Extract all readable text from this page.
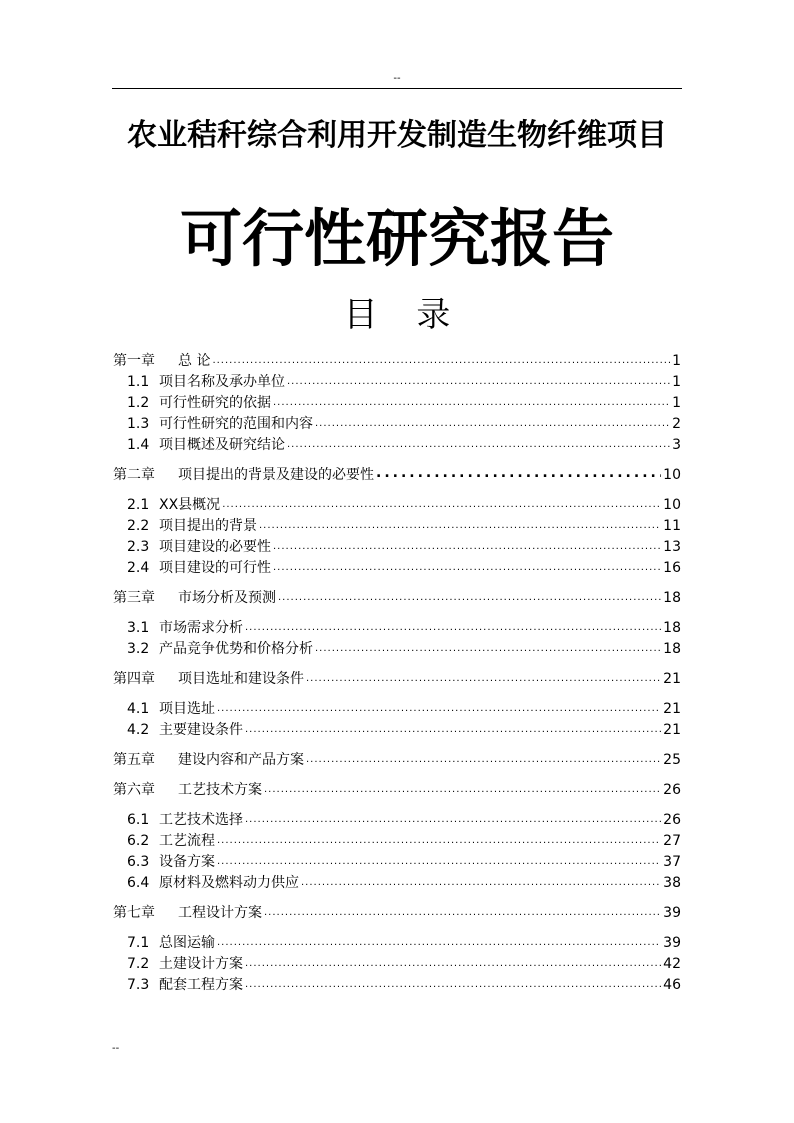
--
农业秸秆综合利用开发制造生物纤维项目
可行性研究报告
目 录
第一章	总 论 .....	1
1.1 项目名称及承办单位 .....	1
1.2 可行性研究的依据 .....	1
1.3 可行性研究的范围和内容 .....	2
1.4 项目概述及研究结论 .....	3
第二章	项目提出的背景及建设的必要性 .....	10
2.1 XX县概况 .....	10
2.2 项目提出的背景 .....	11
2.3 项目建设的必要性 .....	13
2.4 项目建设的可行性 .....	16
第三章	市场分析及预测 .....	18
3.1 市场需求分析 .....	18
3.2 产品竞争优势和价格分析 .....	18
第四章	项目选址和建设条件 .....	21
4.1 项目选址 .....	21
4.2 主要建设条件 .....	21
第五章	建设内容和产品方案 .....	25
第六章	工艺技术方案 .....	26
6.1 工艺技术选择 .....	26
6.2 工艺流程 .....	27
6.3 设备方案 .....	37
6.4 原材料及燃料动力供应 .....	38
第七章	工程设计方案 .....	39
7.1 总图运输 .....	39
7.2 土建设计方案 .....	42
7.3 配套工程方案 .....	46
--
